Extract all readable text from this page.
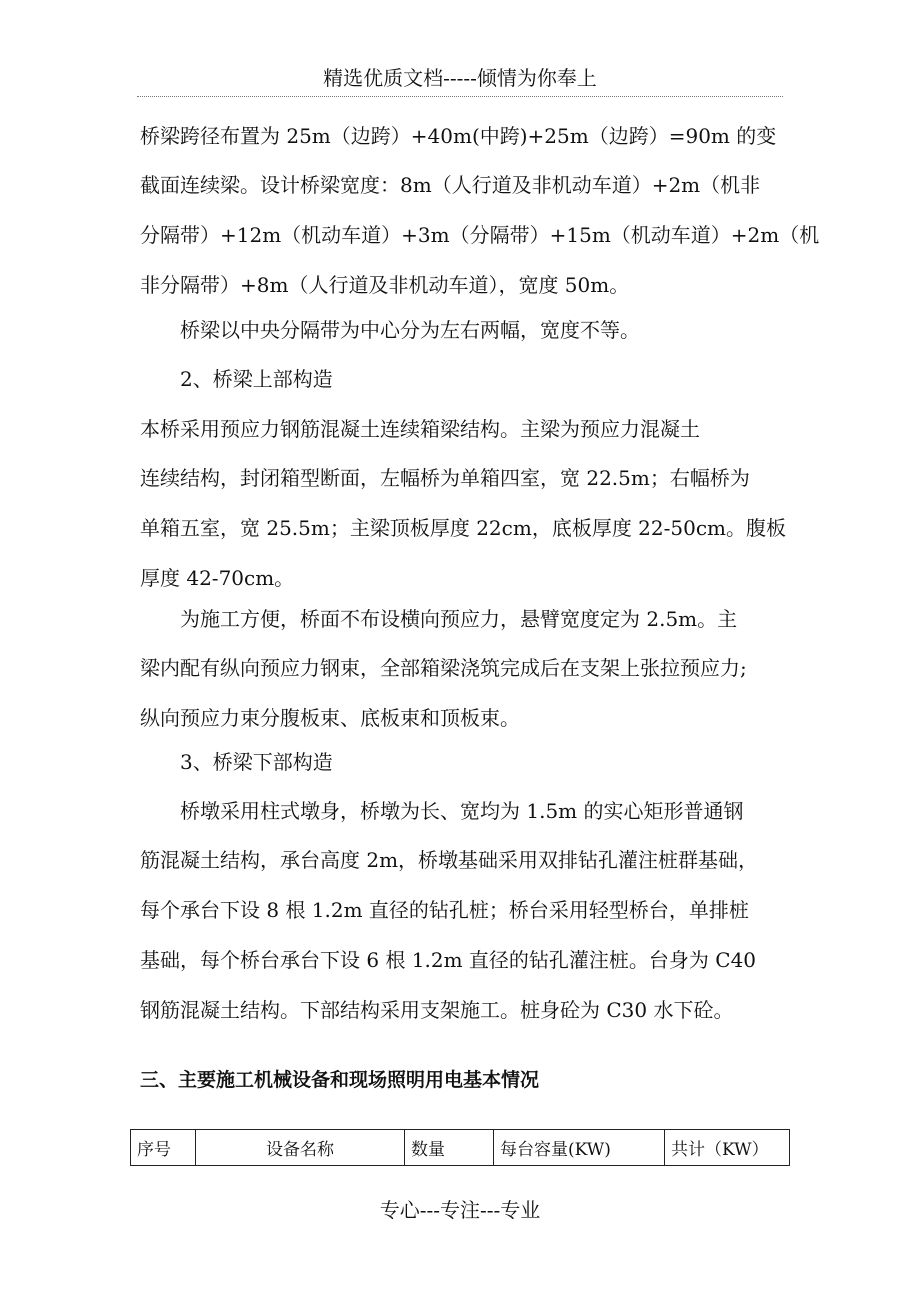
精选优质文档-----倾情为你奉上
桥梁跨径布置为 25m（边跨）+40m(中跨)+25m（边跨）=90m 的变
截面连续梁。设计桥梁宽度：8m（人行道及非机动车道）+2m（机非
分隔带）+12m（机动车道）+3m（分隔带）+15m（机动车道）+2m（机
非分隔带）+8m（人行道及非机动车道），宽度 50m。
桥梁以中央分隔带为中心分为左右两幅，宽度不等。
2、桥梁上部构造
本桥采用预应力钢筋混凝土连续箱梁结构。主梁为预应力混凝土
连续结构，封闭箱型断面，左幅桥为单箱四室，宽 22.5m；右幅桥为
单箱五室，宽 25.5m；主梁顶板厚度 22cm，底板厚度 22-50cm。腹板
厚度 42-70cm。
为施工方便，桥面不布设横向预应力，悬臂宽度定为 2.5m。主
梁内配有纵向预应力钢束，全部箱梁浇筑完成后在支架上张拉预应力;
纵向预应力束分腹板束、底板束和顶板束。
3、桥梁下部构造
桥墩采用柱式墩身，桥墩为长、宽均为 1.5m 的实心矩形普通钢
筋混凝土结构，承台高度 2m，桥墩基础采用双排钻孔灌注桩群基础，
每个承台下设 8 根 1.2m 直径的钻孔桩；桥台采用轻型桥台，单排桩
基础，每个桥台承台下设 6 根 1.2m 直径的钻孔灌注桩。台身为 C40
钢筋混凝土结构。下部结构采用支架施工。桩身砼为 C30 水下砼。
三、主要施工机械设备和现场照明用电基本情况
序号	设备名称	数量	每台容量(KW)	共计（KW）
专心---专注---专业
